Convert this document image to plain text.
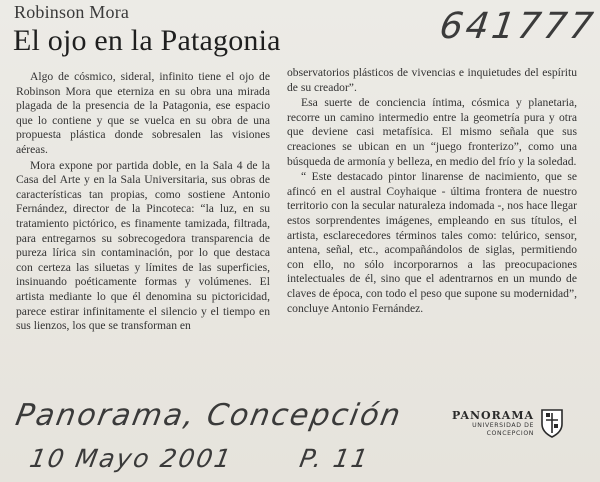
Robinson Mora
El ojo en la Patagonia	641777

Algo de cósmico, sideral, infinito tiene el ojo de Robinson Mora que eterniza en su obra una mirada plagada de la presencia de la Patagonia, ese espacio que lo contiene y que se vuelca en su obra de una propuesta plástica donde sobresalen las visiones aéreas.

Mora expone por partida doble, en la Sala 4 de la Casa del Arte y en la Sala Universitaria, sus obras de características tan propias, como sostiene Antonio Fernández, director de la Pincoteca: “la luz, en su tratamiento pictórico, es finamente tamizada, filtrada, para entregarnos su sobrecogedora transparencia de pureza lírica sin contaminación, por lo que destaca con certeza las siluetas y límites de las superficies, insinuando poéticamente formas y volúmenes. El artista mediante lo que él denomina su pictoricidad, parece estirar infinitamente el silencio y el tiempo en sus lienzos, los que se transforman en

observatorios plásticos de vivencias e inquietudes del espíritu de su creador”.

Esa suerte de conciencia íntima, cósmica y planetaria, recorre un camino intermedio entre la geometría pura y otra que deviene casi metafísica. El mismo señala que sus creaciones se ubican en un “juego fronterizo”, como una búsqueda de armonía y belleza, en medio del frío y la soledad.

“ Este destacado pintor linarense de nacimiento, que se afincó en el austral Coyhaique - última frontera de nuestro territorio con la secular naturaleza indomada -, nos hace llegar estos sorprendentes imágenes, empleando en sus títulos, el artista, esclarecedores términos tales como: telúrico, sensor, antena, señal, etc., acompañándolos de siglas, permitiendo con ello, no sólo incorporarnos a las preocupaciones intelectuales de él, sino que el adentrarnos en un mundo de claves de época, con todo el peso que supone su modernidad”, concluye Antonio Fernández.

Panorama, Concepción
10 Mayo 2001	P. 11
PANORAMA
UNIVERSIDAD DE
CONCEPCION
